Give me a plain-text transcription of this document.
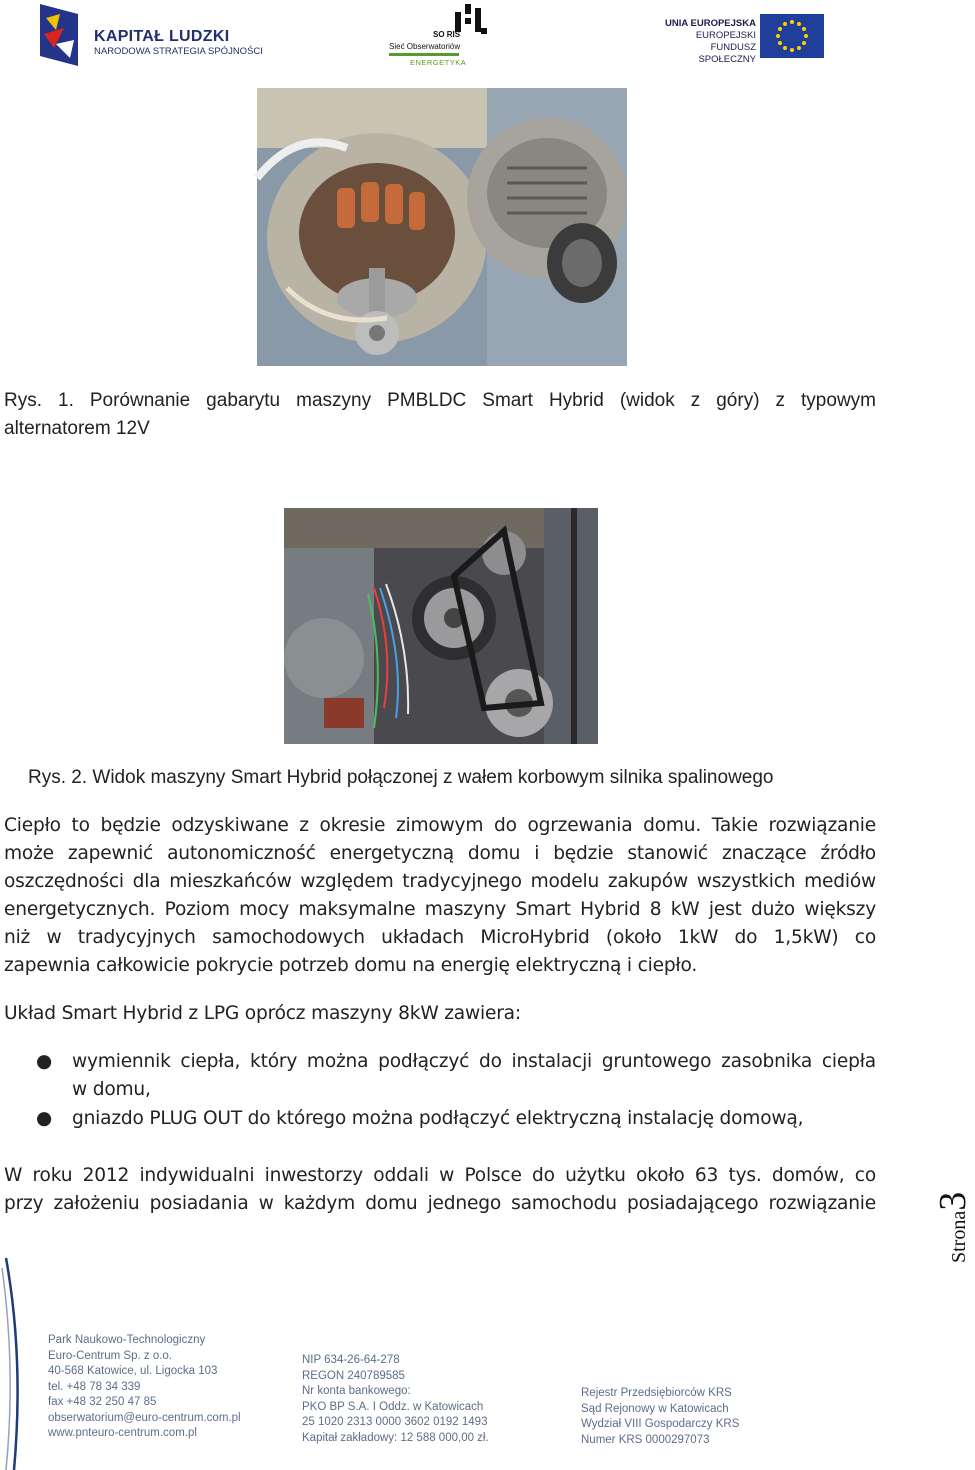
KAPITAŁ LUDZKI
NARODOWA STRATEGIA SPÓJNOŚCI
SO RIS
Sieć Obserwatoriów
ENERGETYKA
UNIA EUROPEJSKA
EUROPEJSKI
FUNDUSZ SPOŁECZNY
Rys. 1. Porównanie gabarytu maszyny PMBLDC Smart Hybrid (widok z góry) z typowym
alternatorem 12V
Rys. 2. Widok maszyny Smart Hybrid połączonej z wałem korbowym silnika spalinowego
Ciepło to będzie odzyskiwane z okresie zimowym do ogrzewania domu. Takie rozwiązanie
może zapewnić autonomiczność energetyczną domu i będzie stanowić znaczące źródło
oszczędności dla mieszkańców względem tradycyjnego modelu zakupów wszystkich mediów
energetycznych. Poziom mocy maksymalne maszyny Smart Hybrid 8 kW jest dużo większy
niż w tradycyjnych samochodowych układach MicroHybrid (około 1kW do 1,5kW) co
zapewnia całkowicie pokrycie potrzeb domu na energię elektryczną i ciepło.
Układ Smart Hybrid z LPG oprócz maszyny 8kW zawiera:
● wymiennik ciepła, który można podłączyć do instalacji gruntowego zasobnika ciepła
w domu,
● gniazdo PLUG OUT do którego można podłączyć elektryczną instalację domową,
W roku 2012 indywidualni inwestorzy oddali w Polsce do użytku około 63 tys. domów, co
przy założeniu posiadania w każdym domu jednego samochodu posiadającego rozwiązanie
Strona3
Park Naukowo-Technologiczny
Euro-Centrum Sp. z o.o.
40-568 Katowice, ul. Ligocka 103
tel. +48 78 34 339
fax +48 32 250 47 85
obserwatorium@euro-centrum.com.pl
www.pnteuro-centrum.com.pl
NIP 634-26-64-278
REGON 240789585
Nr konta bankowego:
PKO BP S.A. I Oddz. w Katowicach
25 1020 2313 0000 3602 0192 1493
Kapitał zakładowy: 12 588 000,00 zł.
Rejestr Przedsiębiorców KRS
Sąd Rejonowy w Katowicach
Wydział VIII Gospodarczy KRS
Numer KRS 0000297073
